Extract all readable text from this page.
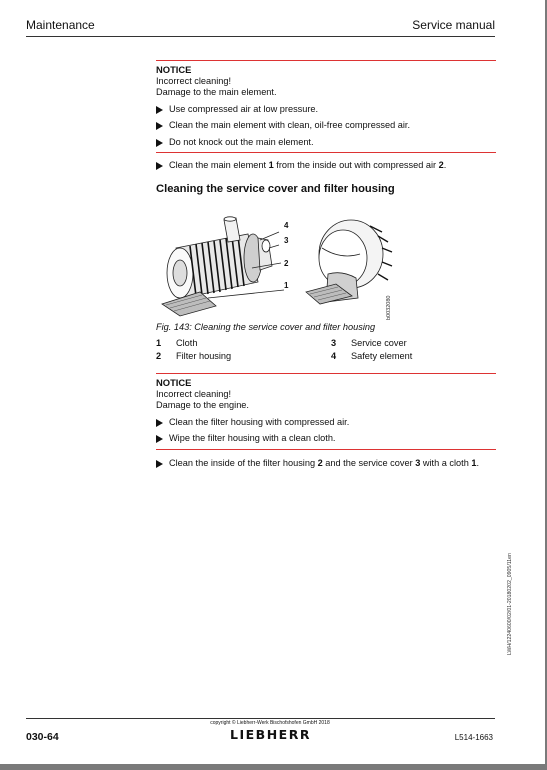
Maintenance	Service manual
NOTICE
Incorrect cleaning!
Damage to the main element.
Use compressed air at low pressure.
Clean the main element with clean, oil-free compressed air.
Do not knock out the main element.
Clean the main element 1 from the inside out with compressed air 2.
Cleaning the service cover and filter housing
4
3
2
1
b0032080
Fig. 143: Cleaning the service cover and filter housing
1	Cloth	3	Service cover
2	Filter housing	4	Safety element
NOTICE
Incorrect cleaning!
Damage to the engine.
Clean the filter housing with compressed air.
Wipe the filter housing with a clean cloth.
Clean the inside of the filter housing 2 and the service cover 3 with a cloth 1.
LWH/12240600/02/01-20180202_0905/11en
030-64
copyright © Liebherr-Werk Bischofshofen GmbH 2018
LIEBHERR	L514-1663
